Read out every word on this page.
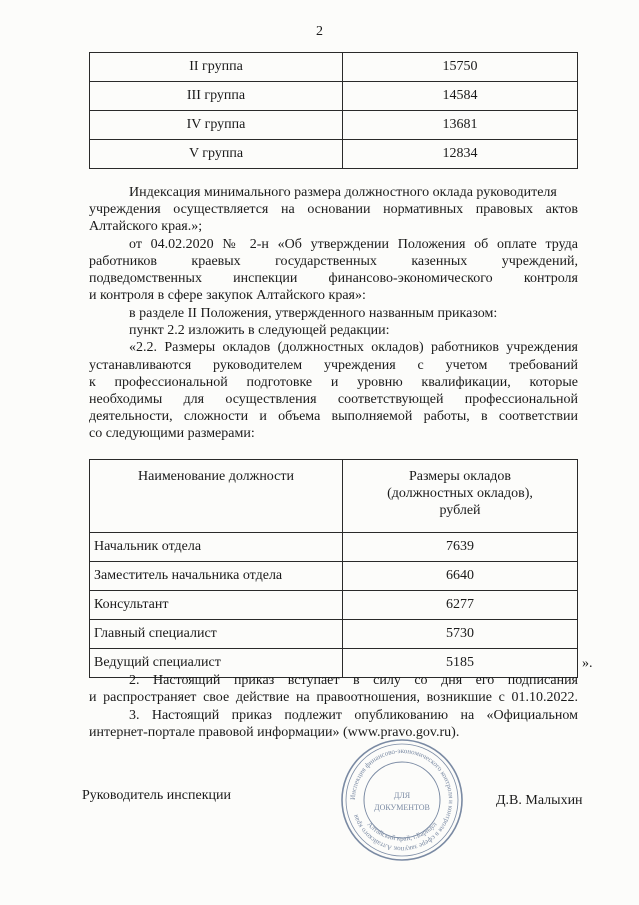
2
II группа	15750
III группа	14584
IV группа	13681
V группа	12834
Индексация минимального размера должностного оклада руководителя
учреждения осуществляется на основании нормативных правовых актов
Алтайского края.»;
от 04.02.2020 № 2-н «Об утверждении Положения об оплате труда
работников краевых государственных казенных учреждений,
подведомственных инспекции финансово-экономического контроля
и контроля в сфере закупок Алтайского края»:
в разделе II Положения, утвержденного названным приказом:
пункт 2.2 изложить в следующей редакции:
«2.2. Размеры окладов (должностных окладов) работников учреждения
устанавливаются руководителем учреждения с учетом требований
к профессиональной подготовке и уровню квалификации, которые
необходимы для осуществления соответствующей профессиональной
деятельности, сложности и объема выполняемой работы, в соответствии
со следующими размерами:
Наименование должности	Размеры окладов
(должностных окладов),
рублей

Начальник отдела	7639
Заместитель начальника отдела	6640
Консультант	6277
Главный специалист	5730
Ведущий специалист	5185	».
2. Настоящий приказ вступает в силу со дня его подписания
и распространяет свое действие на правоотношения, возникшие с 01.10.2022.
3. Настоящий приказ подлежит опубликованию на «Официальном
интернет-портале правовой информации» (www.pravo.gov.ru).
Инспекция финансово-экономического контроля и контроля в сфере закупок Алтайского края
Алтайский край, г.Барнаул
ДЛЯ
ДОКУМЕНТОВ
Руководитель инспекции	Д.В. Малыхин
